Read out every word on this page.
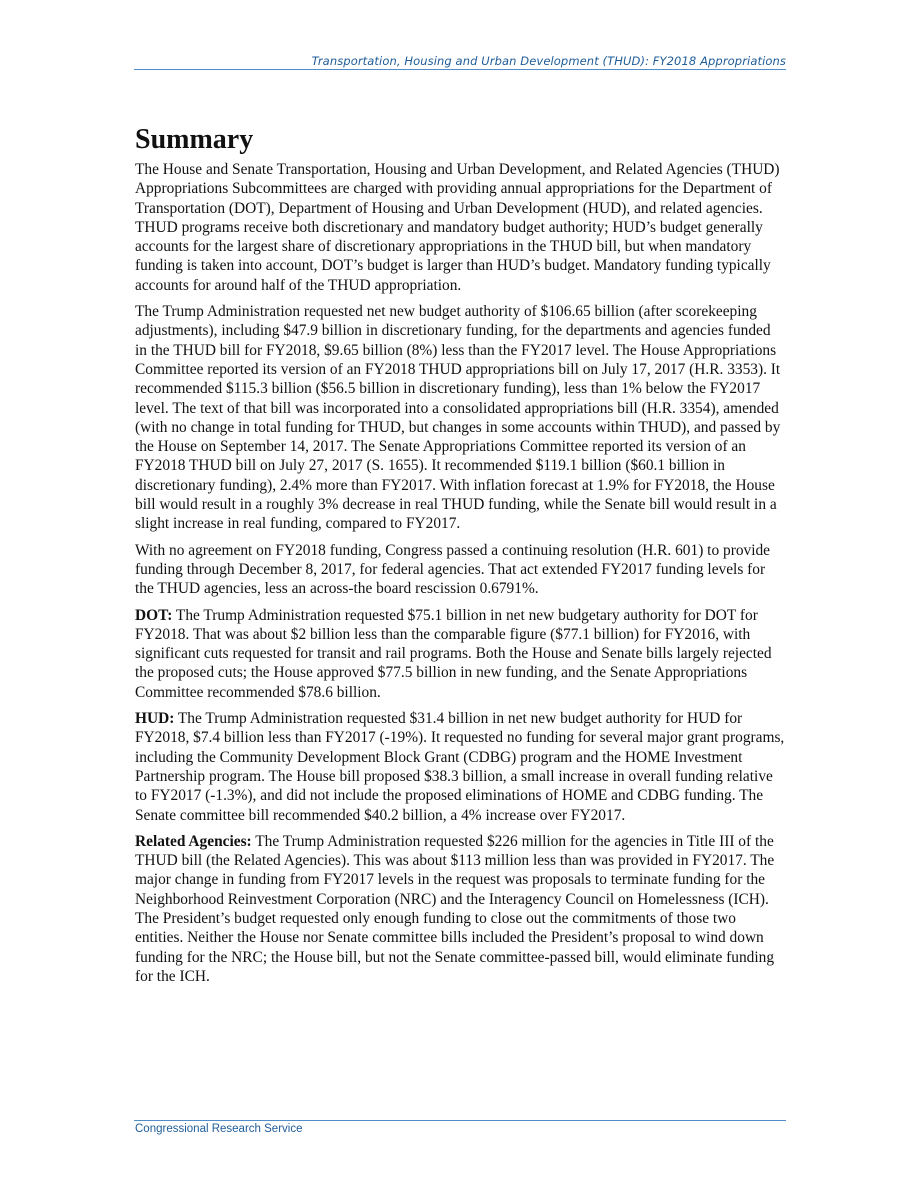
Transportation, Housing and Urban Development (THUD): FY2018 Appropriations
Summary

The House and Senate Transportation, Housing and Urban Development, and Related Agencies (THUD) Appropriations Subcommittees are charged with providing annual appropriations for the Department of Transportation (DOT), Department of Housing and Urban Development (HUD), and related agencies. THUD programs receive both discretionary and mandatory budget authority; HUD’s budget generally accounts for the largest share of discretionary appropriations in the THUD bill, but when mandatory funding is taken into account, DOT’s budget is larger than HUD’s budget. Mandatory funding typically accounts for around half of the THUD appropriation.

The Trump Administration requested net new budget authority of $106.65 billion (after scorekeeping adjustments), including $47.9 billion in discretionary funding, for the departments and agencies funded in the THUD bill for FY2018, $9.65 billion (8%) less than the FY2017 level. The House Appropriations Committee reported its version of an FY2018 THUD appropriations bill on July 17, 2017 (H.R. 3353). It recommended $115.3 billion ($56.5 billion in discretionary funding), less than 1% below the FY2017 level. The text of that bill was incorporated into a consolidated appropriations bill (H.R. 3354), amended (with no change in total funding for THUD, but changes in some accounts within THUD), and passed by the House on September 14, 2017. The Senate Appropriations Committee reported its version of an FY2018 THUD bill on July 27, 2017 (S. 1655). It recommended $119.1 billion ($60.1 billion in discretionary funding), 2.4% more than FY2017. With inflation forecast at 1.9% for FY2018, the House bill would result in a roughly 3% decrease in real THUD funding, while the Senate bill would result in a slight increase in real funding, compared to FY2017.

With no agreement on FY2018 funding, Congress passed a continuing resolution (H.R. 601) to provide funding through December 8, 2017, for federal agencies. That act extended FY2017 funding levels for the THUD agencies, less an across-the board rescission 0.6791%.

DOT: The Trump Administration requested $75.1 billion in net new budgetary authority for DOT for FY2018. That was about $2 billion less than the comparable figure ($77.1 billion) for FY2016, with significant cuts requested for transit and rail programs. Both the House and Senate bills largely rejected the proposed cuts; the House approved $77.5 billion in new funding, and the Senate Appropriations Committee recommended $78.6 billion.

HUD: The Trump Administration requested $31.4 billion in net new budget authority for HUD for FY2018, $7.4 billion less than FY2017 (-19%). It requested no funding for several major grant programs, including the Community Development Block Grant (CDBG) program and the HOME Investment Partnership program. The House bill proposed $38.3 billion, a small increase in overall funding relative to FY2017 (-1.3%), and did not include the proposed eliminations of HOME and CDBG funding. The Senate committee bill recommended $40.2 billion, a 4% increase over FY2017.

Related Agencies: The Trump Administration requested $226 million for the agencies in Title III of the THUD bill (the Related Agencies). This was about $113 million less than was provided in FY2017. The major change in funding from FY2017 levels in the request was proposals to terminate funding for the Neighborhood Reinvestment Corporation (NRC) and the Interagency Council on Homelessness (ICH). The President’s budget requested only enough funding to close out the commitments of those two entities. Neither the House nor Senate committee bills included the President’s proposal to wind down funding for the NRC; the House bill, but not the Senate committee-passed bill, would eliminate funding for the ICH.

Congressional Research Service
